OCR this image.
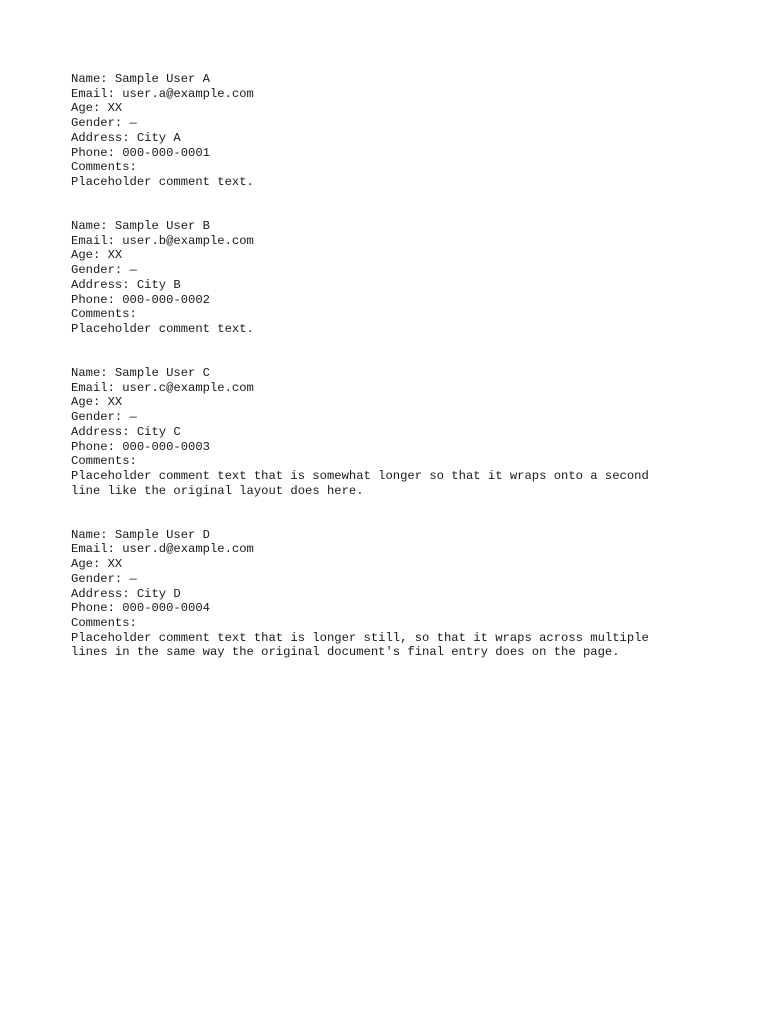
Name: Sample User A
Email: user.a@example.com
Age: XX
Gender: —
Address: City A
Phone: 000-000-0001
Comments:
Placeholder comment text.
Name: Sample User B
Email: user.b@example.com
Age: XX
Gender: —
Address: City B
Phone: 000-000-0002
Comments:
Placeholder comment text.
Name: Sample User C
Email: user.c@example.com
Age: XX
Gender: —
Address: City C
Phone: 000-000-0003
Comments:
Placeholder comment text that is somewhat longer so that it wraps onto a second line like the original layout does here.
Name: Sample User D
Email: user.d@example.com
Age: XX
Gender: —
Address: City D
Phone: 000-000-0004
Comments:
Placeholder comment text that is longer still, so that it wraps across multiple lines in the same way the original document's final entry does on the page.
